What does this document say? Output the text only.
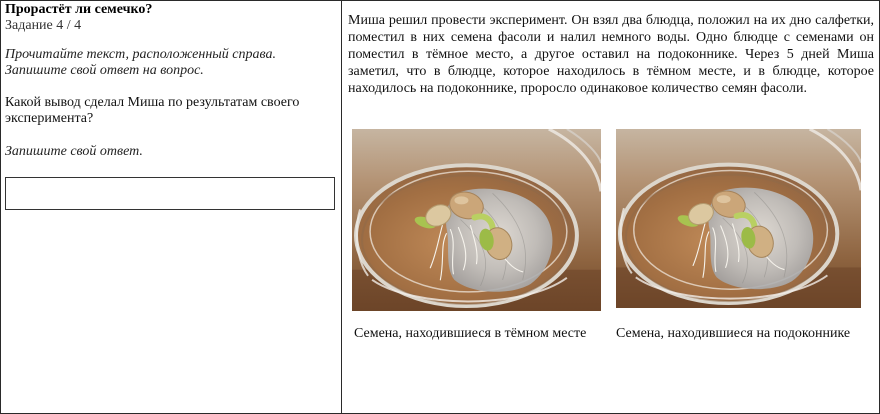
Прорастёт ли семечко?
Задание 4 / 4
Прочитайте текст, расположенный справа.
Запишите свой ответ на вопрос.
Какой вывод сделал Миша по результатам своего эксперимента?
Запишите свой ответ.
Миша решил провести эксперимент. Он взял два блюдца, положил на их дно салфетки,
поместил в них семена фасоли и налил немного воды. Одно блюдце с семенами он
поместил в тёмное место, а другое оставил на подоконнике. Через 5 дней Миша
заметил, что в блюдце, которое находилось в тёмном месте, и в блюдце, которое
находилось на подоконнике, проросло одинаковое количество семян фасоли.
Семена, находившиеся в тёмном месте Семена, находившиеся на подоконнике
